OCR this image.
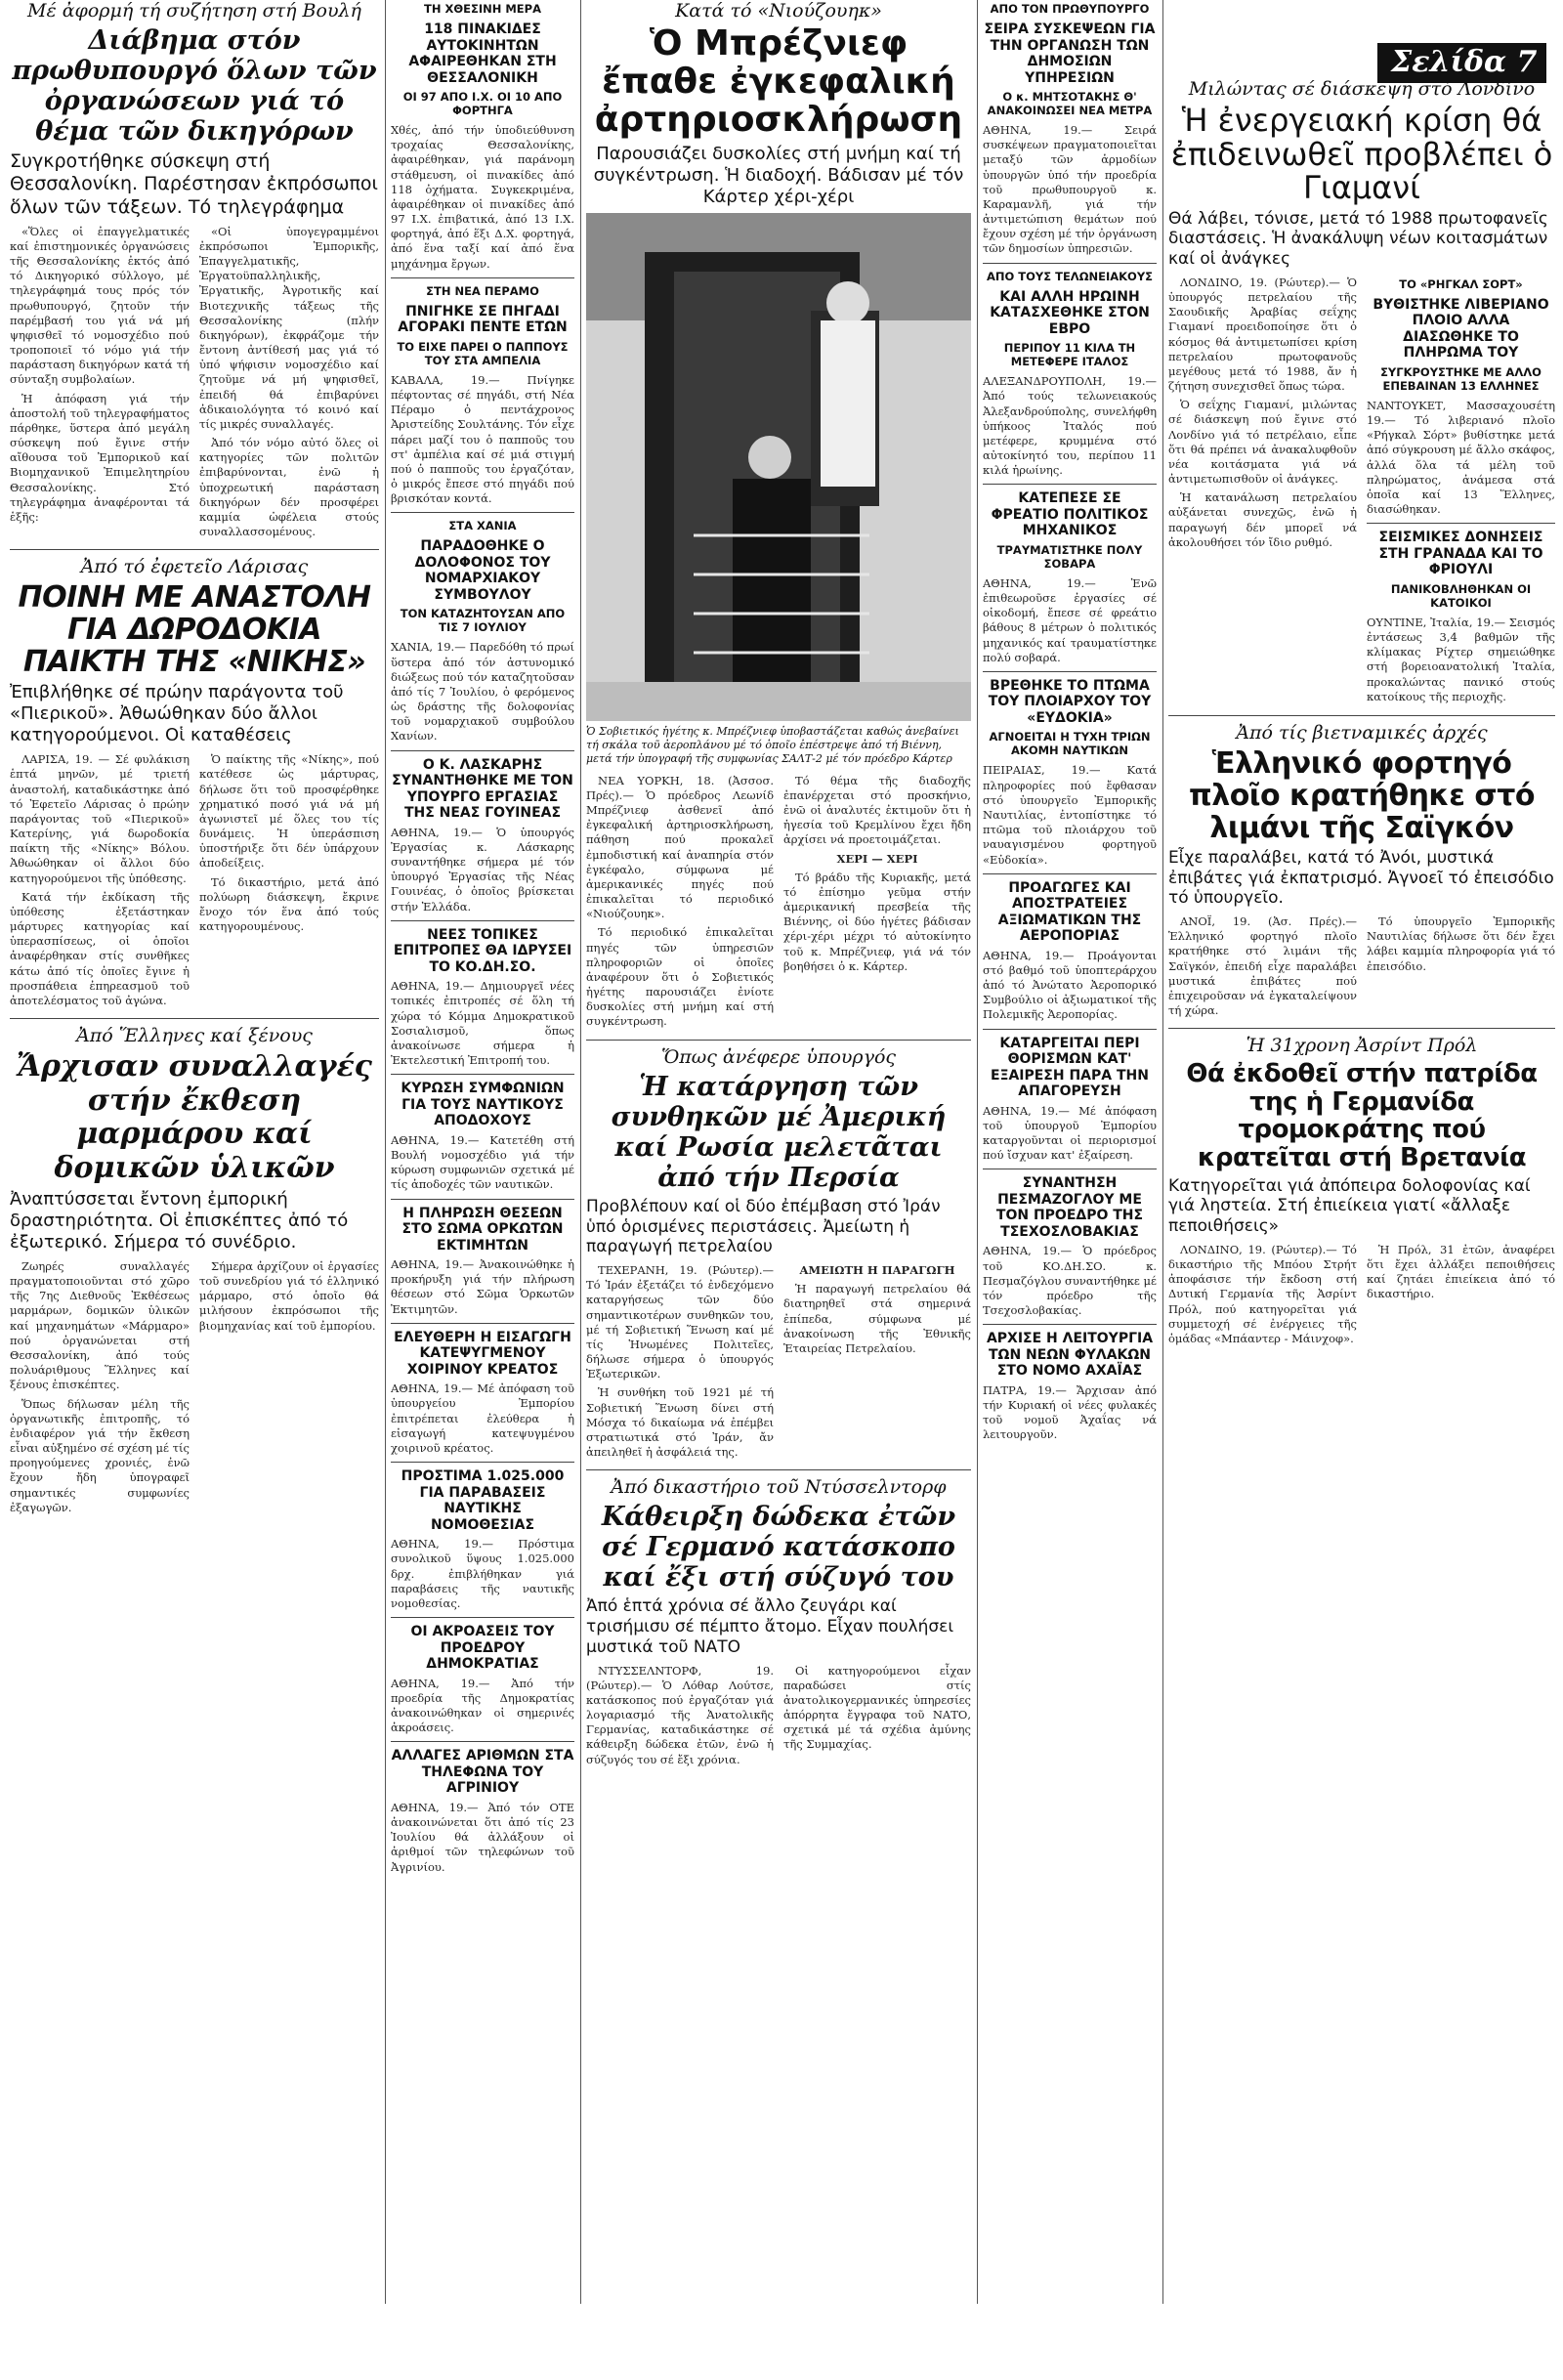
Σελίδα 7
Μέ ἀφορμή τή συζήτηση στή Βουλή
Διάβημα στόν πρωθυπουργό ὅλων τῶν ὀργανώσεων γιά τό θέμα τῶν δικηγόρων
Συγκροτήθηκε σύσκεψη στή Θεσσαλονίκη. Παρέστησαν ἐκπρόσωποι ὅλων τῶν τάξεων. Τό τηλεγράφημα

«Ὅλες οἱ ἐπαγγελματικές καί ἐπιστημονικές ὀργανώσεις τῆς Θεσσαλονίκης ἐκτός ἀπό τό Δικηγορικό σύλλογο, μέ τηλεγράφημά τους πρός τόν πρωθυπουργό, ζητοῦν τήν παρέμβασή του γιά νά μή ψηφισθεῖ τό νομοσχέδιο πού τροποποιεῖ τό νόμο γιά τήν παράσταση δικηγόρων κατά τή σύνταξη συμβολαίων.

Ἡ ἀπόφαση γιά τήν ἀποστολή τοῦ τηλεγραφήματος πάρθηκε, ὕστερα ἀπό μεγάλη σύσκεψη πού ἔγινε στήν αἴθουσα τοῦ Ἐμπορικοῦ καί Βιομηχανικοῦ Ἐπιμελητηρίου Θεσσαλονίκης. Στό τηλεγράφημα ἀναφέρονται τά ἑξῆς:

«Οἱ ὑπογεγραμμένοι ἐκπρόσωποι Ἐμπορικῆς, Ἐπαγγελματικῆς, Ἐργατοϋπαλληλικῆς, Ἐργατικῆς, Ἀγροτικῆς καί Βιοτεχνικῆς τάξεως τῆς Θεσσαλονίκης (πλήν δικηγόρων), ἐκφράζομε τήν ἔντονη ἀντίθεσή μας γιά τό ὑπό ψήφισιν νομοσχέδιο καί ζητοῦμε νά μή ψηφισθεῖ, ἐπειδή θά ἐπιβαρύνει ἀδικαιολόγητα τό κοινό καί τίς μικρές συναλλαγές.

Ἀπό τόν νόμο αὐτό ὅλες οἱ κατηγορίες τῶν πολιτῶν ἐπιβαρύνονται, ἐνῶ ἡ ὑποχρεωτική παράσταση δικηγόρων δέν προσφέρει καμμία ὠφέλεια στούς συναλλασσομένους.

Ἀπό τό ἐφετεῖο Λάρισας
ΠΟΙΝΗ ΜΕ ΑΝΑΣΤΟΛΗ ΓΙΑ ΔΩΡΟΔΟΚΙΑ ΠΑΙΚΤΗ ΤΗΣ «ΝΙΚΗΣ»
Ἐπιβλήθηκε σέ πρώην παράγοντα τοῦ «Πιερικοῦ». Ἀθωώθηκαν δύο ἄλλοι κατηγορούμενοι. Οἱ καταθέσεις

ΛΑΡΙΣΑ, 19. — Σέ φυλάκιση ἑπτά μηνῶν, μέ τριετή ἀναστολή, καταδικάστηκε ἀπό τό Ἐφετεῖο Λάρισας ὁ πρώην παράγοντας τοῦ «Πιερικοῦ» Κατερίνης, γιά δωροδοκία παίκτη τῆς «Νίκης» Βόλου. Ἀθωώθηκαν οἱ ἄλλοι δύο κατηγορούμενοι τῆς ὑπόθεσης.

Κατά τήν ἐκδίκαση τῆς ὑπόθεσης ἐξετάστηκαν μάρτυρες κατηγορίας καί ὑπερασπίσεως, οἱ ὁποῖοι ἀναφέρθηκαν στίς συνθῆκες κάτω ἀπό τίς ὁποῖες ἔγινε ἡ προσπάθεια ἐπηρεασμοῦ τοῦ ἀποτελέσματος τοῦ ἀγώνα.

Ὁ παίκτης τῆς «Νίκης», πού κατέθεσε ὡς μάρτυρας, δήλωσε ὅτι τοῦ προσφέρθηκε χρηματικό ποσό γιά νά μή ἀγωνιστεῖ μέ ὅλες του τίς δυνάμεις. Ἡ ὑπεράσπιση ὑποστήριξε ὅτι δέν ὑπάρχουν ἀποδείξεις.

Τό δικαστήριο, μετά ἀπό πολύωρη διάσκεψη, ἔκρινε ἔνοχο τόν ἕνα ἀπό τούς κατηγορουμένους.

Ἀπό Ἕλληνες καί ξένους
Ἄρχισαν συναλλαγές στήν ἔκθεση μαρμάρου καί δομικῶν ὑλικῶν
Ἀναπτύσσεται ἔντονη ἐμπορική δραστηριότητα. Οἱ ἐπισκέπτες ἀπό τό ἐξωτερικό. Σήμερα τό συνέδριο.

Ζωηρές συναλλαγές πραγματοποιοῦνται στό χῶρο τῆς 7ης Διεθνοῦς Ἐκθέσεως μαρμάρων, δομικῶν ὑλικῶν καί μηχανημάτων «Μάρμαρο» πού ὀργανώνεται στή Θεσσαλονίκη, ἀπό τούς πολυάριθμους Ἕλληνες καί ξένους ἐπισκέπτες.

Ὅπως δήλωσαν μέλη τῆς ὀργανωτικῆς ἐπιτροπῆς, τό ἐνδιαφέρον γιά τήν ἔκθεση εἶναι αὐξημένο σέ σχέση μέ τίς προηγούμενες χρονιές, ἐνῶ ἔχουν ἤδη ὑπογραφεῖ σημαντικές συμφωνίες ἐξαγωγῶν.

Σήμερα ἀρχίζουν οἱ ἐργασίες τοῦ συνεδρίου γιά τό ἑλληνικό μάρμαρο, στό ὁποῖο θά μιλήσουν ἐκπρόσωποι τῆς βιομηχανίας καί τοῦ ἐμπορίου.

ΤΗ ΧΘΕΣΙΝΗ ΜΕΡΑ
118 ΠΙΝΑΚΙΔΕΣ ΑΥΤΟΚΙΝΗΤΩΝ ΑΦΑΙΡΕΘΗΚΑΝ ΣΤΗ ΘΕΣΣΑΛΟΝΙΚΗ
ΟΙ 97 ΑΠΟ Ι.Χ. ΟΙ 10 ΑΠΟ ΦΟΡΤΗΓΑ
Χθές, ἀπό τήν ὑποδιεύθυνση τροχαίας Θεσσαλονίκης, ἀφαιρέθηκαν, γιά παράνομη στάθμευση, οἱ πινακίδες ἀπό 118 ὀχήματα. Συγκεκριμένα, ἀφαιρέθηκαν οἱ πινακίδες ἀπό 97 Ι.Χ. ἐπιβατικά, ἀπό 13 Ι.Χ. φορτηγά, ἀπό ἕξι Δ.Χ. φορτηγά, ἀπό ἕνα ταξί καί ἀπό ἕνα μηχάνημα ἔργων.
ΣΤΗ ΝΕΑ ΠΕΡΑΜΟ
ΠΝΙΓΗΚΕ ΣΕ ΠΗΓΑΔΙ ΑΓΟΡΑΚΙ ΠΕΝΤΕ ΕΤΩΝ
ΤΟ ΕΙΧΕ ΠΑΡΕΙ Ο ΠΑΠΠΟΥΣ ΤΟΥ ΣΤΑ ΑΜΠΕΛΙΑ
ΚΑΒΑΛΑ, 19.— Πνίγηκε πέφτοντας σέ πηγάδι, στή Νέα Πέραμο ὁ πεντάχρονος Ἀριστείδης Σουλτάνης. Τόν εἶχε πάρει μαζί του ὁ παπποῦς του στ' ἀμπέλια καί σέ μιά στιγμή πού ὁ παπποῦς του ἐργαζόταν, ὁ μικρός ἔπεσε στό πηγάδι πού βρισκόταν κοντά.
ΣΤΑ ΧΑΝΙΑ
ΠΑΡΑΔΟΘΗΚΕ Ο ΔΟΛΟΦΟΝΟΣ ΤΟΥ ΝΟΜΑΡΧΙΑΚΟΥ ΣΥΜΒΟΥΛΟΥ
ΤΟΝ ΚΑΤΑΖΗΤΟΥΣΑΝ ΑΠΟ ΤΙΣ 7 ΙΟΥΛΙΟΥ
ΧΑΝΙΑ, 19.— Παρεδόθη τό πρωί ὕστερα ἀπό τόν ἀστυνομικό διώξεως πού τόν καταζητοῦσαν ἀπό τίς 7 Ἰουλίου, ὁ φερόμενος ὡς δράστης τῆς δολοφονίας τοῦ νομαρχιακοῦ συμβούλου Χανίων.
Ο Κ. ΛΑΣΚΑΡΗΣ ΣΥΝΑΝΤΗΘΗΚΕ ΜΕ ΤΟΝ ΥΠΟΥΡΓΟ ΕΡΓΑΣΙΑΣ ΤΗΣ ΝΕΑΣ ΓΟΥΙΝΕΑΣ
ΑΘΗΝΑ, 19.— Ὁ ὑπουργός Ἐργασίας κ. Λάσκαρης συναντήθηκε σήμερα μέ τόν ὑπουργό Ἐργασίας τῆς Νέας Γουινέας, ὁ ὁποῖος βρίσκεται στήν Ἑλλάδα.
ΝΕΕΣ ΤΟΠΙΚΕΣ ΕΠΙΤΡΟΠΕΣ ΘΑ ΙΔΡΥΣΕΙ ΤΟ ΚΟ.ΔΗ.ΣΟ.
ΑΘΗΝΑ, 19.— Δημιουργεῖ νέες τοπικές ἐπιτροπές σέ ὅλη τή χώρα τό Κόμμα Δημοκρατικοῦ Σοσιαλισμοῦ, ὅπως ἀνακοίνωσε σήμερα ἡ Ἐκτελεστική Ἐπιτροπή του.
ΚΥΡΩΣΗ ΣΥΜΦΩΝΙΩΝ ΓΙΑ ΤΟΥΣ ΝΑΥΤΙΚΟΥΣ ΑΠΟΔΟΧΟΥΣ
ΑΘΗΝΑ, 19.— Κατετέθη στή Βουλή νομοσχέδιο γιά τήν κύρωση συμφωνιῶν σχετικά μέ τίς ἀποδοχές τῶν ναυτικῶν.
Η ΠΛΗΡΩΣΗ ΘΕΣΕΩΝ ΣΤΟ ΣΩΜΑ ΟΡΚΩΤΩΝ ΕΚΤΙΜΗΤΩΝ
ΑΘΗΝΑ, 19.— Ἀνακοινώθηκε ἡ προκήρυξη γιά τήν πλήρωση θέσεων στό Σῶμα Ὁρκωτῶν Ἐκτιμητῶν.
ΕΛΕΥΘΕΡΗ Η ΕΙΣΑΓΩΓΗ ΚΑΤΕΨΥΓΜΕΝΟΥ ΧΟΙΡΙΝΟΥ ΚΡΕΑΤΟΣ
ΑΘΗΝΑ, 19.— Μέ ἀπόφαση τοῦ ὑπουργείου Ἐμπορίου ἐπιτρέπεται ἐλεύθερα ἡ εἰσαγωγή κατεψυγμένου χοιρινοῦ κρέατος.
ΠΡΟΣΤΙΜΑ 1.025.000 ΓΙΑ ΠΑΡΑΒΑΣΕΙΣ ΝΑΥΤΙΚΗΣ ΝΟΜΟΘΕΣΙΑΣ
ΑΘΗΝΑ, 19.— Πρόστιμα συνολικοῦ ὕψους 1.025.000 δρχ. ἐπιβλήθηκαν γιά παραβάσεις τῆς ναυτικῆς νομοθεσίας.
ΟΙ ΑΚΡΟΑΣΕΙΣ ΤΟΥ ΠΡΟΕΔΡΟΥ ΔΗΜΟΚΡΑΤΙΑΣ
ΑΘΗΝΑ, 19.— Ἀπό τήν προεδρία τῆς Δημοκρατίας ἀνακοινώθηκαν οἱ σημερινές ἀκροάσεις.
ΑΛΛΑΓΕΣ ΑΡΙΘΜΩΝ ΣΤΑ ΤΗΛΕΦΩΝΑ ΤΟΥ ΑΓΡΙΝΙΟΥ
ΑΘΗΝΑ, 19.— Ἀπό τόν ΟΤΕ ἀνακοινώνεται ὅτι ἀπό τίς 23 Ἰουλίου θά ἀλλάξουν οἱ ἀριθμοί τῶν τηλεφώνων τοῦ Ἀγρινίου.
Κατά τό «Νιούζουηκ»
Ὁ Μπρέζνιεφ ἔπαθε ἐγκεφαλική ἀρτηριοσκλήρωση
Παρουσιάζει δυσκολίες στή μνήμη καί τή συγκέντρωση. Ἡ διαδοχή. Βάδισαν μέ τόν Κάρτερ χέρι-χέρι
Ὁ Σοβιετικός ἡγέτης κ. Μπρέζνιεφ ὑποβαστάζεται καθώς ἀνεβαίνει τή σκάλα τοῦ ἀεροπλάνου μέ τό ὁποῖο ἐπέστρεψε ἀπό τή Βιέννη, μετά τήν ὑπογραφή τῆς συμφωνίας ΣΑΛΤ-2 μέ τόν πρόεδρο Κάρτερ

ΝΕΑ ΥΟΡΚΗ, 18. (Ἀσσοσ. Πρές).— Ὁ πρόεδρος Λεωνίδ Μπρέζνιεφ ἀσθενεῖ ἀπό ἐγκεφαλική ἀρτηριοσκλήρωση, πάθηση πού προκαλεῖ ἐμποδιστική καί ἀναπηρία στόν ἐγκέφαλο, σύμφωνα μέ ἀμερικανικές πηγές πού ἐπικαλεῖται τό περιοδικό «Νιούζουηκ».

Τό περιοδικό ἐπικαλεῖται πηγές τῶν ὑπηρεσιῶν πληροφοριῶν οἱ ὁποῖες ἀναφέρουν ὅτι ὁ Σοβιετικός ἡγέτης παρουσιάζει ἐνίοτε δυσκολίες στή μνήμη καί στή συγκέντρωση.

Τό θέμα τῆς διαδοχῆς ἐπανέρχεται στό προσκήνιο, ἐνῶ οἱ ἀναλυτές ἐκτιμοῦν ὅτι ἡ ἡγεσία τοῦ Κρεμλίνου ἔχει ἤδη ἀρχίσει νά προετοιμάζεται.

ΧΕΡΙ — ΧΕΡΙ

Τό βράδυ τῆς Κυριακῆς, μετά τό ἐπίσημο γεῦμα στήν ἀμερικανική πρεσβεία τῆς Βιέννης, οἱ δύο ἡγέτες βάδισαν χέρι-χέρι μέχρι τό αὐτοκίνητο τοῦ κ. Μπρέζνιεφ, γιά νά τόν βοηθήσει ὁ κ. Κάρτερ.

Ὅπως ἀνέφερε ὑπουργός
Ἡ κατάργηση τῶν συνθηκῶν μέ Ἀμερική καί Ρωσία μελετᾶται ἀπό τήν Περσία
Προβλέπουν καί οἱ δύο ἐπέμβαση στό Ἰράν ὑπό ὁρισμένες περιστάσεις. Ἀμείωτη ἡ παραγωγή πετρελαίου

ΤΕΧΕΡΑΝΗ, 19. (Ρώυτερ).— Τό Ἰράν ἐξετάζει τό ἐνδεχόμενο καταργήσεως τῶν δύο σημαντικοτέρων συνθηκῶν του, μέ τή Σοβιετική Ἕνωση καί μέ τίς Ἡνωμένες Πολιτεῖες, δήλωσε σήμερα ὁ ὑπουργός Ἐξωτερικῶν.

Ἡ συνθήκη τοῦ 1921 μέ τή Σοβιετική Ἕνωση δίνει στή Μόσχα τό δικαίωμα νά ἐπέμβει στρατιωτικά στό Ἰράν, ἄν ἀπειληθεῖ ἡ ἀσφάλειά της.

ΑΜΕΙΩΤΗ Η ΠΑΡΑΓΩΓΗ

Ἡ παραγωγή πετρελαίου θά διατηρηθεῖ στά σημερινά ἐπίπεδα, σύμφωνα μέ ἀνακοίνωση τῆς Ἐθνικῆς Ἑταιρείας Πετρελαίου.

Ἀπό δικαστήριο τοῦ Ντύσσελντορφ
Κάθειρξη δώδεκα ἐτῶν σέ Γερμανό κατάσκοπο καί ἔξι στή σύζυγό του
Ἀπό ἑπτά χρόνια σέ ἄλλο ζευγάρι καί τρισήμισυ σέ πέμπτο ἄτομο. Εἶχαν πουλήσει μυστικά τοῦ ΝΑΤΟ

ΝΤΥΣΣΕΛΝΤΟΡΦ, 19. (Ρώυτερ).— Ὁ Λόθαρ Λούτσε, κατάσκοπος πού ἐργαζόταν γιά λογαριασμό τῆς Ἀνατολικῆς Γερμανίας, καταδικάστηκε σέ κάθειρξη δώδεκα ἐτῶν, ἐνῶ ἡ σύζυγός του σέ ἔξι χρόνια.

Οἱ κατηγορούμενοι εἶχαν παραδώσει στίς ἀνατολικογερμανικές ὑπηρεσίες ἀπόρρητα ἔγγραφα τοῦ ΝΑΤΟ, σχετικά μέ τά σχέδια ἀμύνης τῆς Συμμαχίας.

ΑΠΟ ΤΟΝ ΠΡΩΘΥΠΟΥΡΓΟ
ΣΕΙΡΑ ΣΥΣΚΕΨΕΩΝ ΓΙΑ ΤΗΝ ΟΡΓΑΝΩΣΗ ΤΩΝ ΔΗΜΟΣΙΩΝ ΥΠΗΡΕΣΙΩΝ
Ο κ. ΜΗΤΣΟΤΑΚΗΣ Θ' ΑΝΑΚΟΙΝΩΣΕΙ ΝΕΑ ΜΕΤΡΑ
ΑΘΗΝΑ, 19.— Σειρά συσκέψεων πραγματοποιεῖται μεταξύ τῶν ἁρμοδίων ὑπουργῶν ὑπό τήν προεδρία τοῦ πρωθυπουργοῦ κ. Καραμανλῆ, γιά τήν ἀντιμετώπιση θεμάτων πού ἔχουν σχέση μέ τήν ὀργάνωση τῶν δημοσίων ὑπηρεσιῶν.
ΑΠΟ ΤΟΥΣ ΤΕΛΩΝΕΙΑΚΟΥΣ
ΚΑΙ ΑΛΛΗ ΗΡΩΙΝΗ ΚΑΤΑΣΧΕΘΗΚΕ ΣΤΟΝ ΕΒΡΟ
ΠΕΡΙΠΟΥ 11 ΚΙΛΑ ΤΗ ΜΕΤΕΦΕΡΕ ΙΤΑΛΟΣ
ΑΛΕΞΑΝΔΡΟΥΠΟΛΗ, 19.— Ἀπό τούς τελωνειακούς Ἀλεξανδρούπολης, συνελήφθη ὑπήκοος Ἰταλός πού μετέφερε, κρυμμένα στό αὐτοκίνητό του, περίπου 11 κιλά ἡρωίνης.
ΚΑΤΕΠΕΣΕ ΣΕ ΦΡΕΑΤΙΟ ΠΟΛΙΤΙΚΟΣ ΜΗΧΑΝΙΚΟΣ
ΤΡΑΥΜΑΤΙΣΤΗΚΕ ΠΟΛΥ ΣΟΒΑΡΑ
ΑΘΗΝΑ, 19.— Ἐνῶ ἐπιθεωροῦσε ἐργασίες σέ οἰκοδομή, ἔπεσε σέ φρεάτιο βάθους 8 μέτρων ὁ πολιτικός μηχανικός καί τραυματίστηκε πολύ σοβαρά.
ΒΡΕΘΗΚΕ ΤΟ ΠΤΩΜΑ ΤΟΥ ΠΛΟΙΑΡΧΟΥ ΤΟΥ «ΕΥΔΟΚΙΑ»
ΑΓΝΟΕΙΤΑΙ Η ΤΥΧΗ ΤΡΙΩΝ ΑΚΟΜΗ ΝΑΥΤΙΚΩΝ
ΠΕΙΡΑΙΑΣ, 19.— Κατά πληροφορίες πού ἔφθασαν στό ὑπουργεῖο Ἐμπορικῆς Ναυτιλίας, ἐντοπίστηκε τό πτῶμα τοῦ πλοιάρχου τοῦ ναυαγισμένου φορτηγοῦ «Εὐδοκία».
ΠΡΟΑΓΩΓΕΣ ΚΑΙ ΑΠΟΣΤΡΑΤΕΙΕΣ ΑΞΙΩΜΑΤΙΚΩΝ ΤΗΣ ΑΕΡΟΠΟΡΙΑΣ
ΑΘΗΝΑ, 19.— Προάγονται στό βαθμό τοῦ ὑποπτεράρχου ἀπό τό Ἀνώτατο Ἀεροπορικό Συμβούλιο οἱ ἀξιωματικοί τῆς Πολεμικῆς Ἀεροπορίας.
ΚΑΤΑΡΓΕΙΤΑΙ ΠΕΡΙ ΘΟΡΙΣΜΩΝ ΚΑΤ' ΕΞΑΙΡΕΣΗ ΠΑΡΑ ΤΗΝ ΑΠΑΓΟΡΕΥΣΗ
ΑΘΗΝΑ, 19.— Μέ ἀπόφαση τοῦ ὑπουργοῦ Ἐμπορίου καταργοῦνται οἱ περιορισμοί πού ἴσχυαν κατ' ἐξαίρεση.
ΣΥΝΑΝΤΗΣΗ ΠΕΣΜΑΖΟΓΛΟΥ ΜΕ ΤΟΝ ΠΡΟΕΔΡΟ ΤΗΣ ΤΣΕΧΟΣΛΟΒΑΚΙΑΣ
ΑΘΗΝΑ, 19.— Ὁ πρόεδρος τοῦ ΚΟ.ΔΗ.ΣΟ. κ. Πεσμαζόγλου συναντήθηκε μέ τόν πρόεδρο τῆς Τσεχοσλοβακίας.
ΑΡΧΙΣΕ Η ΛΕΙΤΟΥΡΓΙΑ ΤΩΝ ΝΕΩΝ ΦΥΛΑΚΩΝ ΣΤΟ ΝΟΜΟ ΑΧΑΪΑΣ
ΠΑΤΡΑ, 19.— Ἄρχισαν ἀπό τήν Κυριακή οἱ νέες φυλακές τοῦ νομοῦ Ἀχαΐας νά λειτουργοῦν.
Μιλώντας σέ διάσκεψη στό Λονδίνο
Ἡ ἐνεργειακή κρίση θά ἐπιδεινωθεῖ προβλέπει ὁ Γιαμανί
Θά λάβει, τόνισε, μετά τό 1988 πρωτοφανεῖς διαστάσεις. Ἡ ἀνακάλυψη νέων κοιτασμάτων καί οἱ ἀνάγκες

ΛΟΝΔΙΝΟ, 19. (Ρώυτερ).— Ὁ ὑπουργός πετρελαίου τῆς Σαουδικῆς Ἀραβίας σεΐχης Γιαμανί προειδοποίησε ὅτι ὁ κόσμος θά ἀντιμετωπίσει κρίση πετρελαίου πρωτοφανοῦς μεγέθους μετά τό 1988, ἄν ἡ ζήτηση συνεχισθεῖ ὅπως τώρα.

Ὁ σεΐχης Γιαμανί, μιλώντας σέ διάσκεψη πού ἔγινε στό Λονδίνο γιά τό πετρέλαιο, εἶπε ὅτι θά πρέπει νά ἀνακαλυφθοῦν νέα κοιτάσματα γιά νά ἀντιμετωπισθοῦν οἱ ἀνάγκες.

Ἡ κατανάλωση πετρελαίου αὐξάνεται συνεχῶς, ἐνῶ ἡ παραγωγή δέν μπορεῖ νά ἀκολουθήσει τόν ἴδιο ρυθμό.

ΤΟ «ΡΗΓΚΑΛ ΣΟΡΤ»
ΒΥΘΙΣΤΗΚΕ ΛΙΒΕΡΙΑΝΟ ΠΛΟΙΟ ΑΛΛΑ ΔΙΑΣΩΘΗΚΕ ΤΟ ΠΛΗΡΩΜΑ ΤΟΥ
ΣΥΓΚΡΟΥΣΤΗΚΕ ΜΕ ΑΛΛΟ ΕΠΕΒΑΙΝΑΝ 13 ΕΛΛΗΝΕΣ
ΝΑΝΤΟΥΚΕΤ, Μασσαχουσέτη 19.— Τό λιβεριανό πλοῖο «Ρήγκαλ Σόρτ» βυθίστηκε μετά ἀπό σύγκρουση μέ ἄλλο σκάφος, ἀλλά ὅλα τά μέλη τοῦ πληρώματος, ἀνάμεσα στά ὁποῖα καί 13 Ἕλληνες, διασώθηκαν.
ΣΕΙΣΜΙΚΕΣ ΔΟΝΗΣΕΙΣ ΣΤΗ ΓΡΑΝΑΔΑ ΚΑΙ ΤΟ ΦΡΙΟΥΛΙ
ΠΑΝΙΚΟΒΛΗΘΗΚΑΝ ΟΙ ΚΑΤΟΙΚΟΙ
ΟΥΝΤΙΝΕ, Ἰταλία, 19.— Σεισμός ἐντάσεως 3,4 βαθμῶν τῆς κλίμακας Ρίχτερ σημειώθηκε στή βορειοανατολική Ἰταλία, προκαλώντας πανικό στούς κατοίκους τῆς περιοχῆς.
Ἀπό τίς βιετναμικές ἀρχές
Ἑλληνικό φορτηγό πλοῖο κρατήθηκε στό λιμάνι τῆς Σαϊγκόν
Εἶχε παραλάβει, κατά τό Ἀνόι, μυστικά ἐπιβάτες γιά ἐκπατρισμό. Ἀγνοεῖ τό ἐπεισόδιο τό ὑπουργεῖο.

ΑΝΟΪ, 19. (Ἀσ. Πρές).— Ἑλληνικό φορτηγό πλοῖο κρατήθηκε στό λιμάνι τῆς Σαϊγκόν, ἐπειδή εἶχε παραλάβει μυστικά ἐπιβάτες πού ἐπιχειροῦσαν νά ἐγκαταλείψουν τή χώρα.

Τό ὑπουργεῖο Ἐμπορικῆς Ναυτιλίας δήλωσε ὅτι δέν ἔχει λάβει καμμία πληροφορία γιά τό ἐπεισόδιο.

Ἡ 31χρονη Ἀσρίντ Πρόλ
Θά ἐκδοθεῖ στήν πατρίδα της ἡ Γερμανίδα τρομοκράτης πού κρατεῖται στή Βρετανία
Κατηγορεῖται γιά ἀπόπειρα δολοφονίας καί γιά ληστεία. Στή ἐπιείκεια γιατί «ἄλλαξε πεποιθήσεις»

ΛΟΝΔΙΝΟ, 19. (Ρώυτερ).— Τό δικαστήριο τῆς Μπόου Στρήτ ἀποφάσισε τήν ἔκδοση στή Δυτική Γερμανία τῆς Ἀσρίντ Πρόλ, πού κατηγορεῖται γιά συμμετοχή σέ ἐνέργειες τῆς ὁμάδας «Μπάαντερ - Μάινχοφ».

Ἡ Πρόλ, 31 ἐτῶν, ἀναφέρει ὅτι ἔχει ἀλλάξει πεποιθήσεις καί ζητάει ἐπιείκεια ἀπό τό δικαστήριο.
